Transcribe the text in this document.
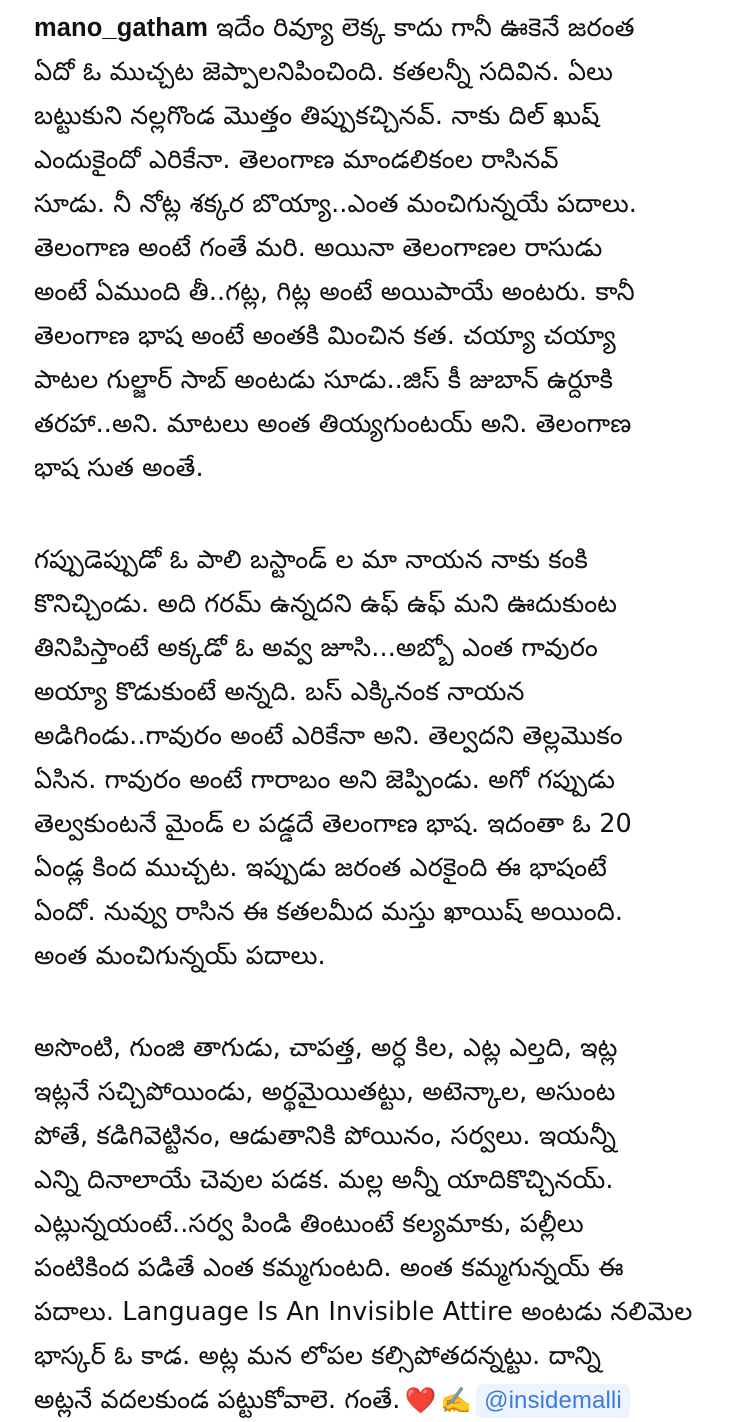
mano_gatham ఇదేం రివ్యూ లెక్క కాదు గానీ ఊకెనే జరంత
ఏదో ఓ ముచ్చట జెప్పాలనిపించింది. కతలన్నీ సదివిన. ఏలు
బట్టుకుని నల్లగొండ మొత్తం తిప్పుకచ్చినవ్. నాకు దిల్ ఖుష్
ఎందుకైందో ఎరికేనా. తెలంగాణ మాండలికంల రాసినవ్
సూడు. నీ నోట్ల శక్కర బొయ్యా..ఎంత మంచిగున్నయే పదాలు.
తెలంగాణ అంటే గంతే మరి. అయినా తెలంగాణల రాసుడు
అంటే ఏముంది తీ..గట్ల, గిట్ల అంటే అయిపాయే అంటరు. కానీ
తెలంగాణ భాష అంటే అంతకి మించిన కత. చయ్యా చయ్యా
పాటల గుల్జార్ సాబ్ అంటడు సూడు..జిస్ కీ జుబాన్ ఉర్దూకి
తరహా..అని. మాటలు అంత తియ్యగుంటయ్ అని. తెలంగాణ
భాష సుత అంతే.
గప్పుడెప్పుడో ఓ పాలి బస్టాండ్ ల మా నాయన నాకు కంకి
కొనిచ్చిండు. అది గరమ్ ఉన్నదని ఉఫ్ ఉఫ్ మని ఊదుకుంట
తినిపిస్తాంటే అక్కడో ఓ అవ్వ జూసి...అబ్బో ఎంత గావురం
అయ్యా కొడుకుంటే అన్నది. బస్ ఎక్కినంక నాయన
అడిగిండు..గావురం అంటే ఎరికేనా అని. తెల్వదని తెల్లమొకం
ఏసిన. గావురం అంటే గారాబం అని జెప్పిండు. అగో గప్పుడు
తెల్వకుంటనే మైండ్ ల పడ్డదే తెలంగాణ భాష. ఇదంతా ఓ 20
ఏండ్ల కింద ముచ్చట. ఇప్పుడు జరంత ఎరకైంది ఈ భాషంటే
ఏందో. నువ్వు రాసిన ఈ కతలమీద మస్తు ఖాయిష్ అయింది.
అంత మంచిగున్నయ్ పదాలు.
అసొంటి, గుంజి తాగుడు, చాపత్త, అర్ధ కిల, ఎట్ల ఎల్తది, ఇట్ల
ఇట్లనే సచ్చిపోయిండు, అర్థమైయితట్టు, అటెన్కాల, అసుంట
పోతే, కడిగివెట్టినం, ఆడుతానికి పోయినం, సర్వలు. ఇయన్నీ
ఎన్ని దినాలాయే చెవుల పడక. మల్ల అన్నీ యాదికొచ్చినయ్.
ఎట్లున్నయంటే..సర్వ పిండి తింటుంటే కల్యమాకు, పల్లీలు
పంటికింద పడితే ఎంత కమ్మగుంటది. అంత కమ్మగున్నయ్ ఈ
పదాలు. Language Is An Invisible Attire అంటడు నలిమెల
భాస్కర్ ఓ కాడ. అట్ల మన లోపల కల్సిపోతదన్నట్టు. దాన్ని
అట్లనే వదలకుండ పట్టుకోవాలె. గంతే. ❤️ ✍️ @insidemalli
